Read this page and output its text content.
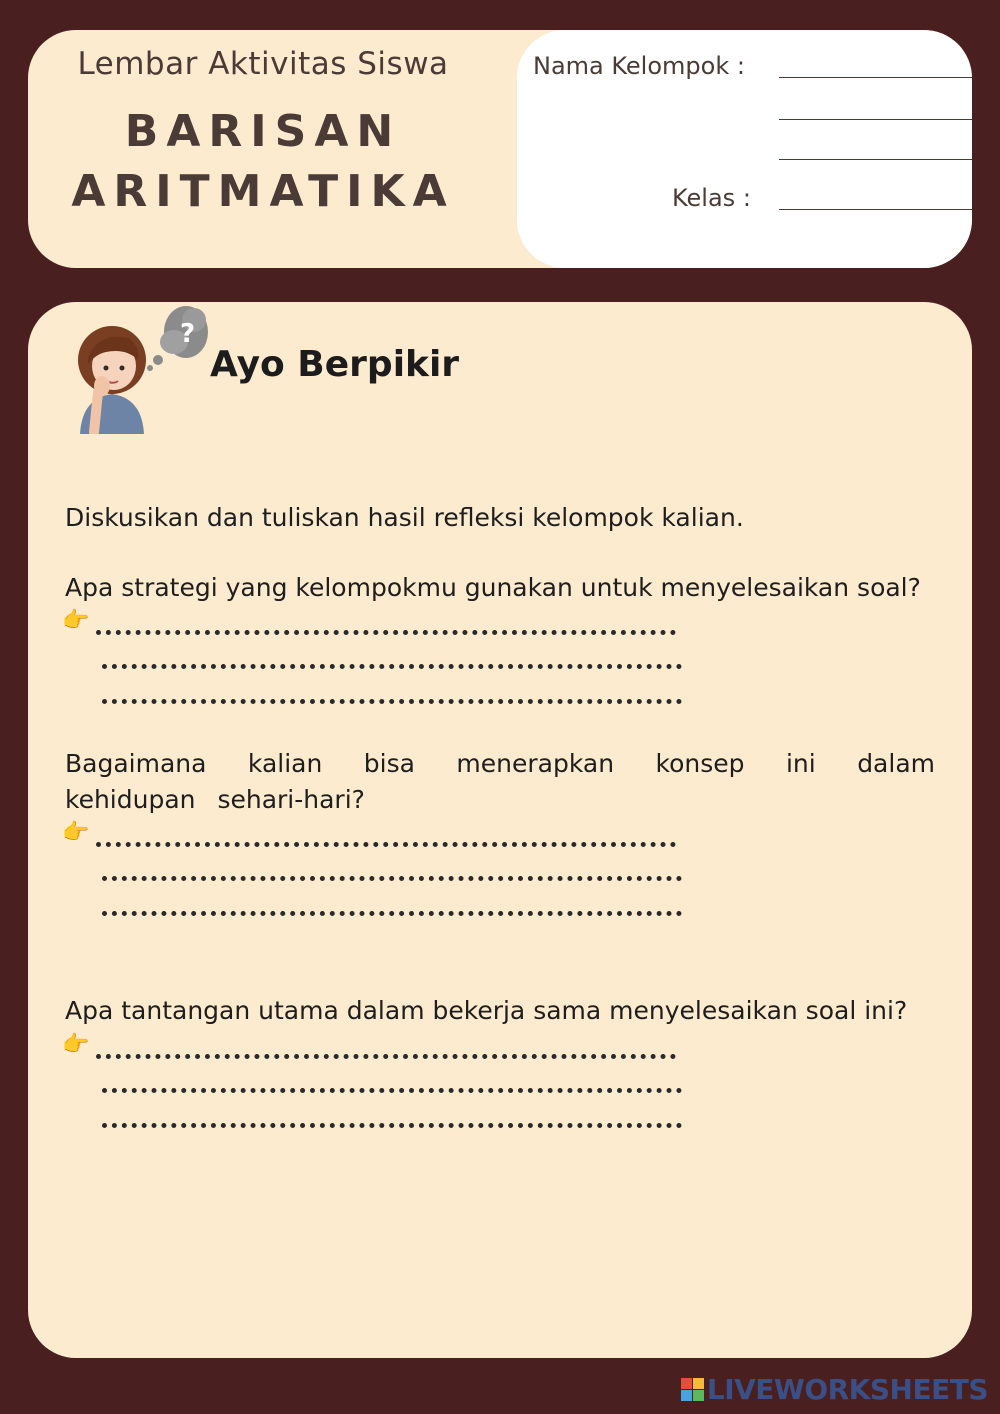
Lembar Aktivitas Siswa
BARISAN
ARITMATIKA
Nama Kelompok :
Kelas :
?
Ayo Berpikir
Diskusikan dan tuliskan hasil refleksi kelompok kalian.
Apa strategi yang kelompokmu gunakan untuk menyelesaikan soal?
👉
Bagaimana kalian bisa menerapkan konsep ini dalam kehidupan sehari-hari?
👉
Apa tantangan utama dalam bekerja sama menyelesaikan soal ini?
👉
LIVEWORKSHEETS
